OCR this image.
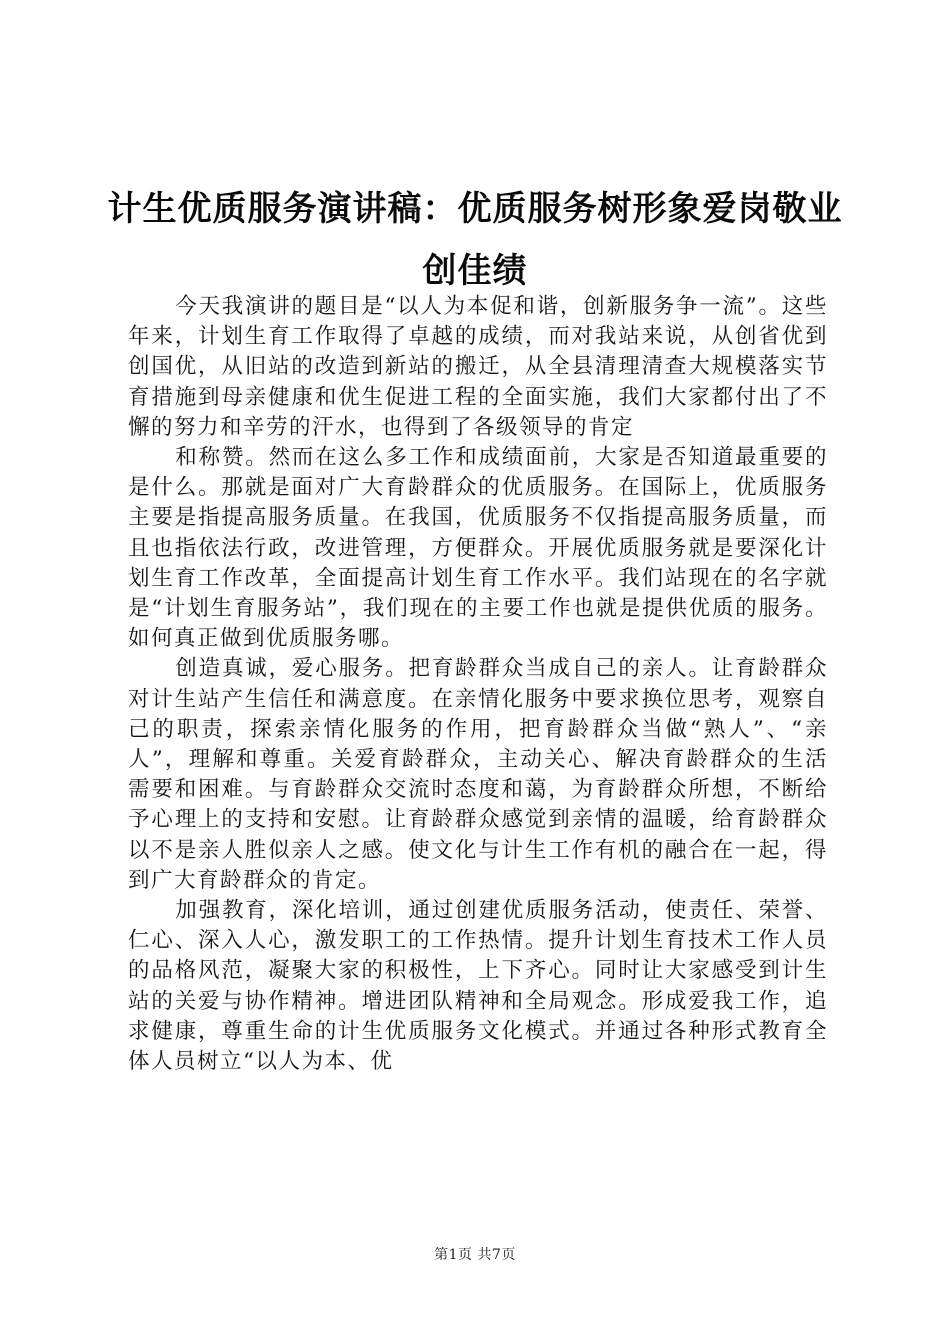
计生优质服务演讲稿：优质服务树形象爱岗敬业创佳绩

今天我演讲的题目是“以人为本促和谐，创新服务争一流”。这些年来，计划生育工作取得了卓越的成绩，而对我站来说，从创省优到创国优，从旧站的改造到新站的搬迁，从全县清理清查大规模落实节育措施到母亲健康和优生促进工程的全面实施，我们大家都付出了不懈的努力和辛劳的汗水，也得到了各级领导的肯定

和称赞。然而在这么多工作和成绩面前，大家是否知道最重要的是什么。那就是面对广大育龄群众的优质服务。在国际上，优质服务主要是指提高服务质量。在我国，优质服务不仅指提高服务质量，而且也指依法行政，改进管理，方便群众。开展优质服务就是要深化计划生育工作改革，全面提高计划生育工作水平。我们站现在的名字就是“计划生育服务站”，我们现在的主要工作也就是提供优质的服务。如何真正做到优质服务哪。

创造真诚，爱心服务。把育龄群众当成自己的亲人。让育龄群众对计生站产生信任和满意度。在亲情化服务中要求换位思考，观察自己的职责，探索亲情化服务的作用，把育龄群众当做“熟人”、“亲人”，理解和尊重。关爱育龄群众，主动关心、解决育龄群众的生活需要和困难。与育龄群众交流时态度和蔼，为育龄群众所想，不断给予心理上的支持和安慰。让育龄群众感觉到亲情的温暖，给育龄群众以不是亲人胜似亲人之感。使文化与计生工作有机的融合在一起，得到广大育龄群众的肯定。

加强教育，深化培训，通过创建优质服务活动，使责任、荣誉、仁心、深入人心，激发职工的工作热情。提升计划生育技术工作人员的品格风范，凝聚大家的积极性，上下齐心。同时让大家感受到计生站的关爱与协作精神。增进团队精神和全局观念。形成爱我工作，追求健康，尊重生命的计生优质服务文化模式。并通过各种形式教育全体人员树立“以人为本、优

第1页 共7页
